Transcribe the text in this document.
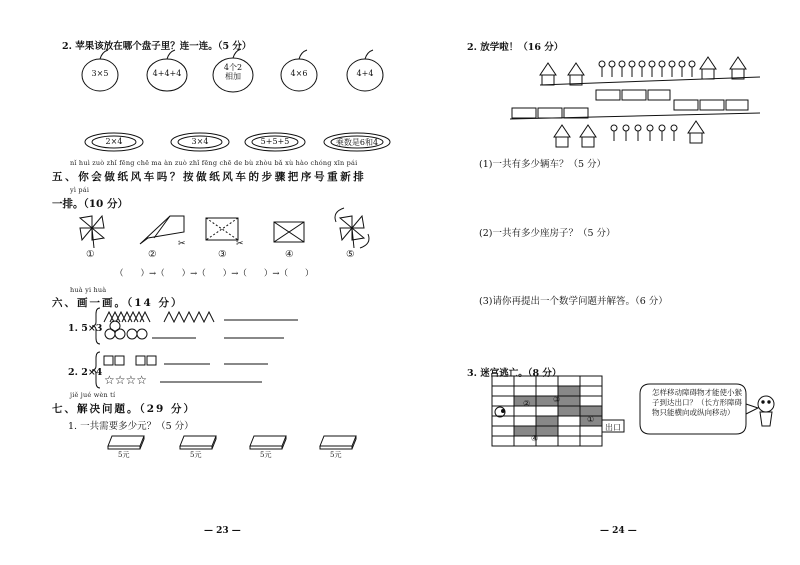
2. 苹果该放在哪个盘子里？连一连。（5 分）
3×5	4+4+4
4个2
相加	4×6	4+4
2×4	3×4	5+5+5	乘数是6和4
nǐ huì zuò zhǐ fēng chē ma àn zuò zhǐ fēng chē de bù zhòu bǎ xù hào chóng xīn pái
五、你会做纸风车吗？按做纸风车的步骤把序号重新排
yì pái
一排。（10 分）
✂	✂
①	②	③	④	⑤
（　　）→（　　）→（　　）→（　　）→（　　）
huà yi huà
六、画一画。（14 分）
1. 5×3
2. 2×4
☆☆☆☆
jiě jué wèn tí
七、解决问题。（29 分）
1. 一共需要多少元？（5 分）
5元	5元	5元	5元
— 23 —
2. 放学啦！（16 分）
(1)一共有多少辆车？（5 分）
(2)一共有多少座房子？（5 分）
(3)请你再提出一个数学问题并解答。（6 分）
3. 迷宫逃亡。（8 分）
②	③
①
④
出口
怎样移动障碍物才能使小猴子到达出口？（长方形障碍物只能横向或纵向移动）
— 24 —
